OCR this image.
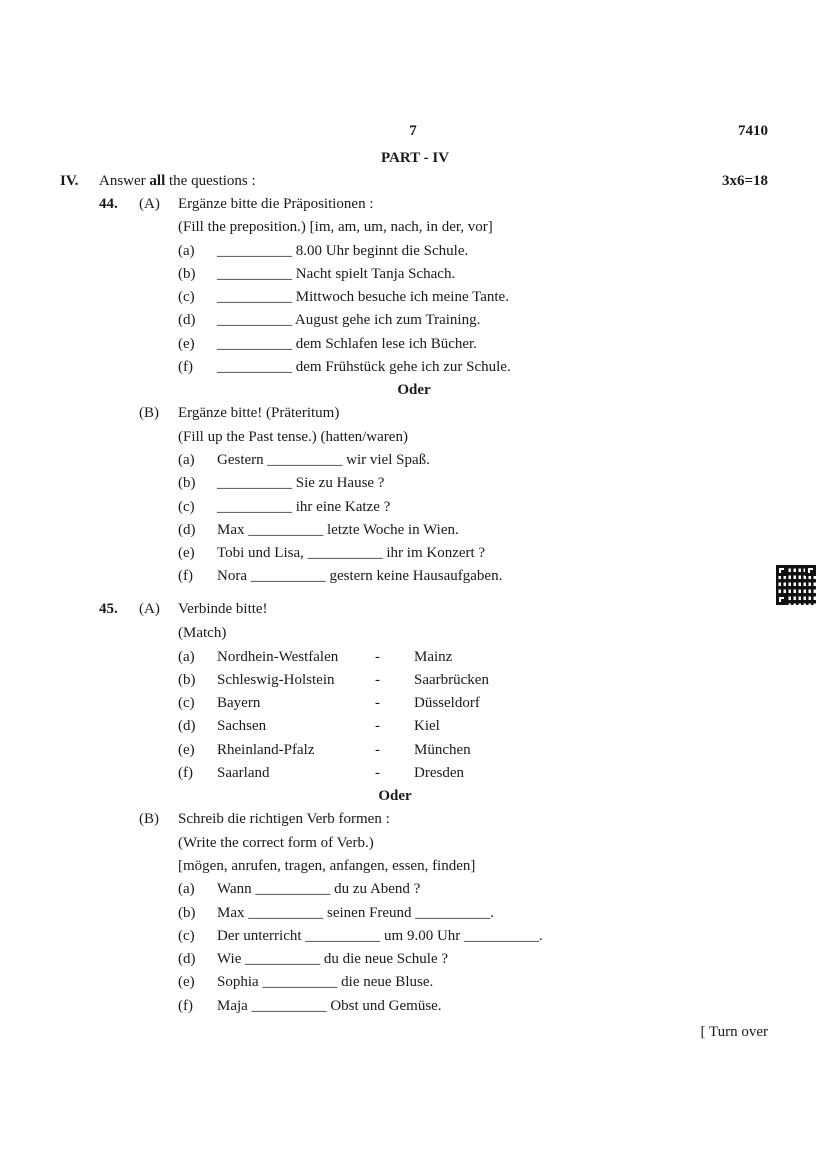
7	7410
PART - IV
IV. Answer all the questions :	3x6=18
44. (A) Ergänze bitte die Präpositionen :
(Fill the preposition.) [im, am, um, nach, in der, vor]
(a) __________ 8.00 Uhr beginnt die Schule.
(b) __________ Nacht spielt Tanja Schach.
(c) __________ Mittwoch besuche ich meine Tante.
(d) __________ August gehe ich zum Training.
(e) __________ dem Schlafen lese ich Bücher.
(f) __________ dem Frühstück gehe ich zur Schule.
Oder
(B) Ergänze bitte! (Präteritum)
(Fill up the Past tense.) (hatten/waren)
(a) Gestern __________ wir viel Spaß.
(b) __________ Sie zu Hause ?
(c) __________ ihr eine Katze ?
(d) Max __________ letzte Woche in Wien.
(e) Tobi und Lisa, __________ ihr im Konzert ?
(f) Nora __________ gestern keine Hausaufgaben.
45. (A) Verbinde bitte!
(Match)
(a) Nordhein-Westfalen - Mainz
(b) Schleswig-Holstein	- Saarbrücken
(c) Bayern	- Düsseldorf
(d) Sachsen	- Kiel
(e) Rheinland-Pfalz	- München
(f) Saarland	- Dresden
Oder
(B) Schreib die richtigen Verb formen :
(Write the correct form of Verb.)
[mögen, anrufen, tragen, anfangen, essen, finden]
(a) Wann __________ du zu Abend ?
(b) Max __________ seinen Freund __________.
(c) Der unterricht __________ um 9.00 Uhr __________.
(d) Wie __________ du die neue Schule ?
(e) Sophia __________ die neue Bluse.
(f) Maja __________ Obst und Gemüse.
[ Turn over
